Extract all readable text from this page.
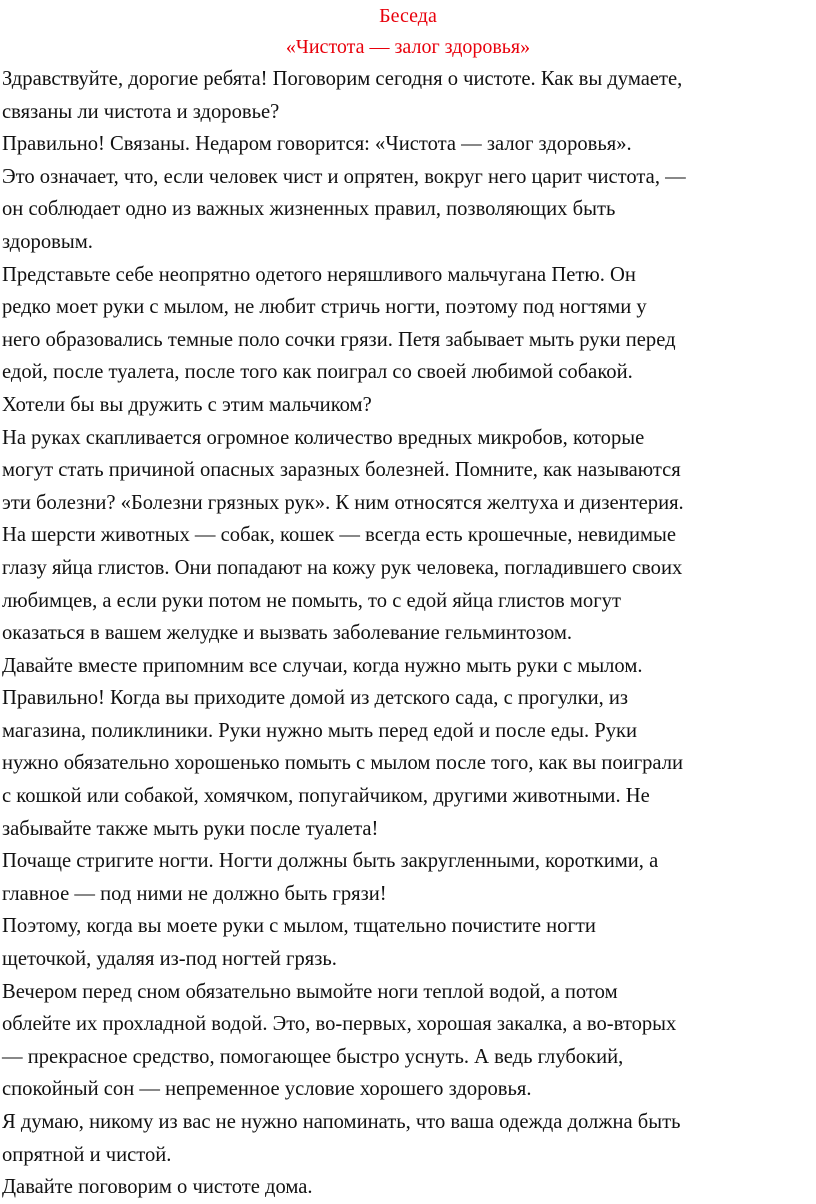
Беседа

«Чистота — залог здоровья»

Здравствуйте, дорогие ребята! Поговорим сегодня о чистоте. Как вы думаете,
связаны ли чистота и здоровье?

Правильно! Связаны. Недаром говорится: «Чистота — залог здоровья».

Это означает, что, если человек чист и опрятен, вокруг него царит чистота, —
он соблюдает одно из важных жизненных правил, позволяющих быть
здоровым.

Представьте себе неопрятно одетого неряшливого мальчугана Петю. Он
редко моет руки с мылом, не любит стричь ногти, поэтому под ногтями у
него образовались темные поло сочки грязи. Петя забывает мыть руки перед
едой, после туалета, после того как поиграл со своей любимой собакой.

Хотели бы вы дружить с этим мальчиком?

На руках скапливается огромное количество вредных микробов, которые
могут стать причиной опасных заразных болезней. Помните, как называются
эти болезни? «Болезни грязных рук». К ним относятся желтуха и дизентерия.

На шерсти животных — собак, кошек — всегда есть крошечные, невидимые
глазу яйца глистов. Они попадают на кожу рук человека, погладившего своих
любимцев, а если руки потом не помыть, то с едой яйца глистов могут
оказаться в вашем желудке и вызвать заболевание гельминтозом.

Давайте вместе припомним все случаи, когда нужно мыть руки с мылом.

Правильно! Когда вы приходите домой из детского сада, с прогулки, из
магазина, поликлиники. Руки нужно мыть перед едой и после еды. Руки
нужно обязательно хорошенько помыть с мылом после того, как вы поиграли
с кошкой или собакой, хомячком, попугайчиком, другими животными. Не
забывайте также мыть руки после туалета!

Почаще стригите ногти. Ногти должны быть закругленными, короткими, а
главное — под ними не должно быть грязи!

Поэтому, когда вы моете руки с мылом, тщательно почистите ногти
щеточкой, удаляя из-под ногтей грязь.

Вечером перед сном обязательно вымойте ноги теплой водой, а потом
облейте их прохладной водой. Это, во-первых, хорошая закалка, а во-вторых
— прекрасное средство, помогающее быстро уснуть. А ведь глубокий,
спокойный сон — непременное условие хорошего здоровья.

Я думаю, никому из вас не нужно напоминать, что ваша одежда должна быть
опрятной и чистой.

Давайте поговорим о чистоте дома.
